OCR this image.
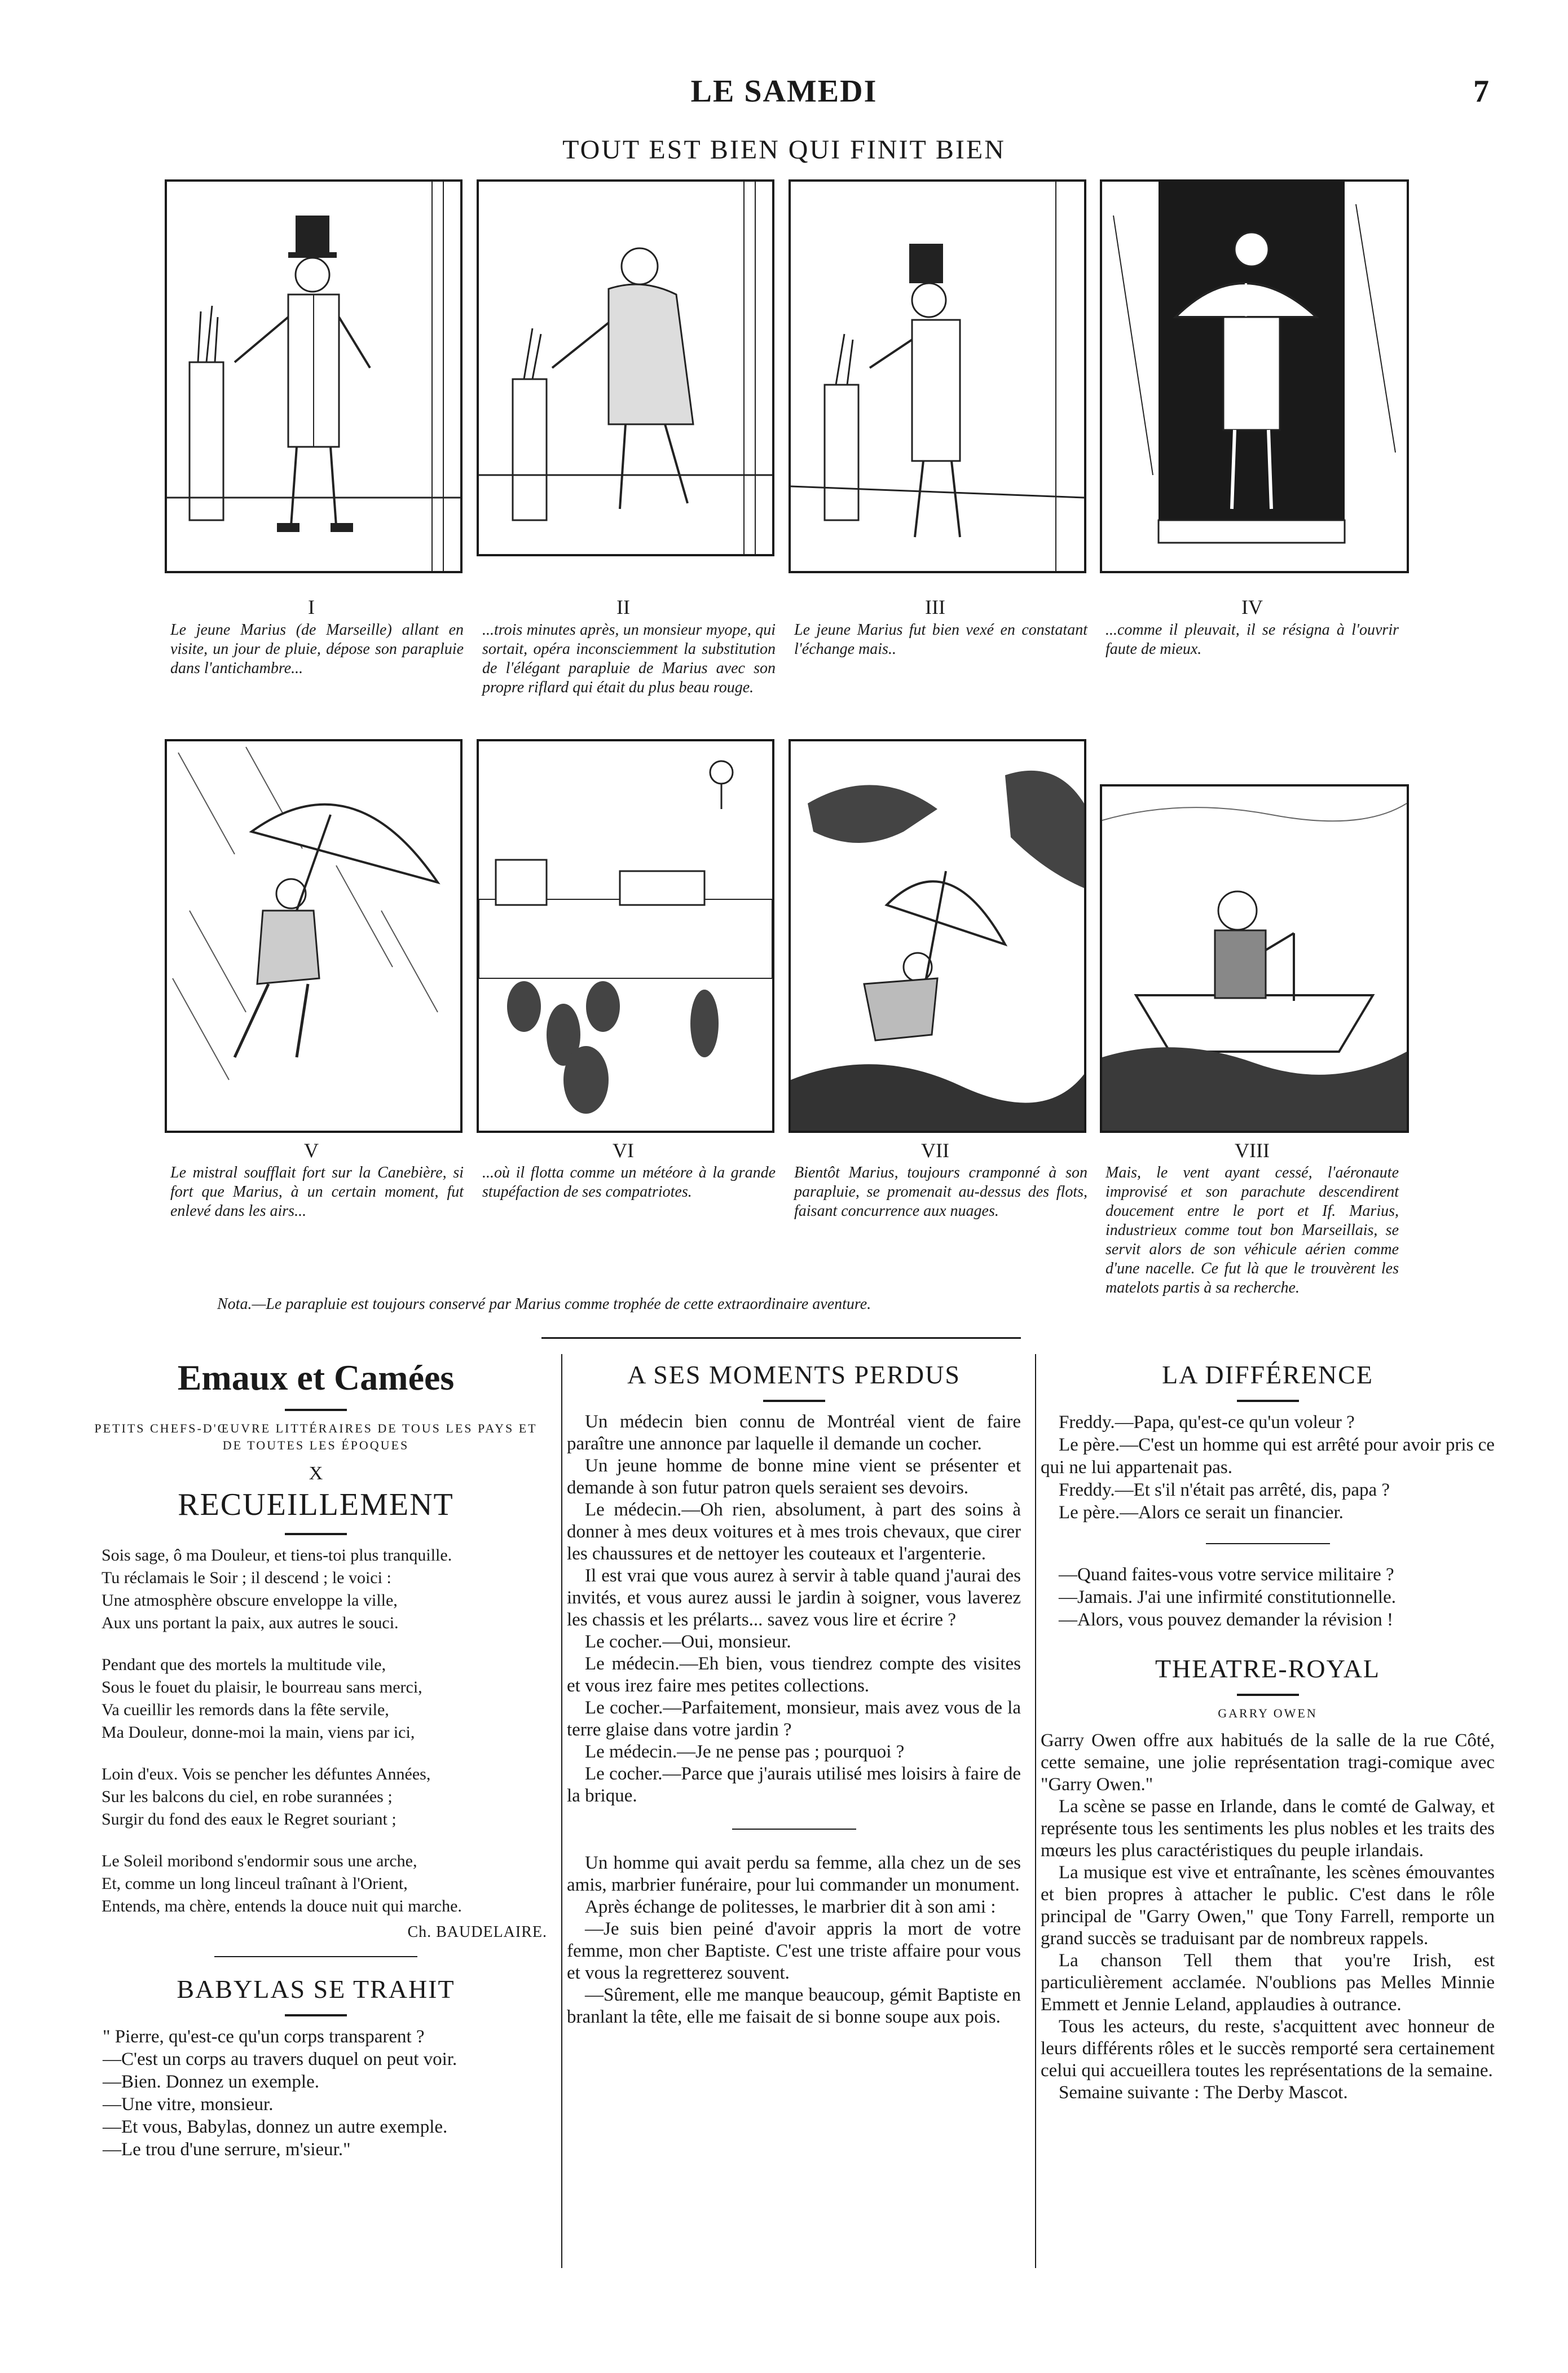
LE SAMEDI	7
TOUT EST BIEN QUI FINIT BIEN
I	II	III	IV
Le jeune Marius (de Marseille) allant en visite, un jour de pluie, dépose son parapluie dans l'antichambre...
...trois minutes après, un monsieur myope, qui sortait, opéra inconsciemment la substitution de l'élégant parapluie de Marius avec son propre riflard qui était du plus beau rouge.
Le jeune Marius fut bien vexé en constatant l'échange mais..
...comme il pleuvait, il se résigna à l'ouvrir faute de mieux.
V	VI	VII	VIII
Le mistral soufflait fort sur la Canebière, si fort que Marius, à un certain moment, fut enlevé dans les airs...
...où il flotta comme un météore à la grande stupéfaction de ses compatriotes.
Bientôt Marius, toujours cramponné à son parapluie, se promenait au-dessus des flots, faisant concurrence aux nuages.
Mais, le vent ayant cessé, l'aéronaute improvisé et son parachute descendirent doucement entre le port et If. Marius, industrieux comme tout bon Marseillais, se servit alors de son véhicule aérien comme d'une nacelle. Ce fut là que le trouvèrent les matelots partis à sa recherche.
Nota.—Le parapluie est toujours conservé par Marius comme trophée de cette extraordinaire aventure.
Emaux et Camées
PETITS CHEFS-D'ŒUVRE LITTÉRAIRES DE TOUS LES PAYS ET DE TOUTES LES ÉPOQUES
X
RECUEILLEMENT

Sois sage, ô ma Douleur, et tiens-toi plus tranquille.

Tu réclamais le Soir ; il descend ; le voici :

Une atmosphère obscure enveloppe la ville,

Aux uns portant la paix, aux autres le souci.

Pendant que des mortels la multitude vile,

Sous le fouet du plaisir, le bourreau sans merci,

Va cueillir les remords dans la fête servile,

Ma Douleur, donne-moi la main, viens par ici,

Loin d'eux. Vois se pencher les défuntes Années,

Sur les balcons du ciel, en robe surannées ;

Surgir du fond des eaux le Regret souriant ;

Le Soleil moribond s'endormir sous une arche,

Et, comme un long linceul traînant à l'Orient,

Entends, ma chère, entends la douce nuit qui marche.

Ch. BAUDELAIRE.
BABYLAS SE TRAHIT

" Pierre, qu'est-ce qu'un corps transparent ?

—C'est un corps au travers duquel on peut voir.

—Bien. Donnez un exemple.

—Une vitre, monsieur.

—Et vous, Babylas, donnez un autre exemple.

—Le trou d'une serrure, m'sieur."

A SES MOMENTS PERDUS

Un médecin bien connu de Montréal vient de faire paraître une annonce par laquelle il demande un cocher.

Un jeune homme de bonne mine vient se présenter et demande à son futur patron quels seraient ses devoirs.

Le médecin.—Oh rien, absolument, à part des soins à donner à mes deux voitures et à mes trois chevaux, que cirer les chaussures et de nettoyer les couteaux et l'argenterie.

Il est vrai que vous aurez à servir à table quand j'aurai des invités, et vous aurez aussi le jardin à soigner, vous laverez les chassis et les prélarts... savez vous lire et écrire ?

Le cocher.—Oui, monsieur.

Le médecin.—Eh bien, vous tiendrez compte des visites et vous irez faire mes petites collections.

Le cocher.—Parfaitement, monsieur, mais avez vous de la terre glaise dans votre jardin ?

Le médecin.—Je ne pense pas ; pourquoi ?

Le cocher.—Parce que j'aurais utilisé mes loisirs à faire de la brique.

Un homme qui avait perdu sa femme, alla chez un de ses amis, marbrier funéraire, pour lui commander un monument.

Après échange de politesses, le marbrier dit à son ami :

—Je suis bien peiné d'avoir appris la mort de votre femme, mon cher Baptiste. C'est une triste affaire pour vous et vous la regretterez souvent.

—Sûrement, elle me manque beaucoup, gémit Baptiste en branlant la tête, elle me faisait de si bonne soupe aux pois.

LA DIFFÉRENCE

Freddy.—Papa, qu'est-ce qu'un voleur ?

Le père.—C'est un homme qui est arrêté pour avoir pris ce qui ne lui appartenait pas.

Freddy.—Et s'il n'était pas arrêté, dis, papa ?

Le père.—Alors ce serait un financier.

—Quand faites-vous votre service militaire ?

—Jamais. J'ai une infirmité constitutionnelle.

—Alors, vous pouvez demander la révision !

THEATRE-ROYAL
GARRY OWEN

Garry Owen offre aux habitués de la salle de la rue Côté, cette semaine, une jolie représentation tragi-comique avec "Garry Owen."

La scène se passe en Irlande, dans le comté de Galway, et représente tous les sentiments les plus nobles et les traits des mœurs les plus caractéristiques du peuple irlandais.

La musique est vive et entraînante, les scènes émouvantes et bien propres à attacher le public. C'est dans le rôle principal de "Garry Owen," que Tony Farrell, remporte un grand succès se traduisant par de nombreux rappels.

La chanson Tell them that you're Irish, est particulièrement acclamée. N'oublions pas Melles Minnie Emmett et Jennie Leland, applaudies à outrance.

Tous les acteurs, du reste, s'acquittent avec honneur de leurs différents rôles et le succès remporté sera certainement celui qui accueillera toutes les représentations de la semaine.

Semaine suivante : The Derby Mascot.
